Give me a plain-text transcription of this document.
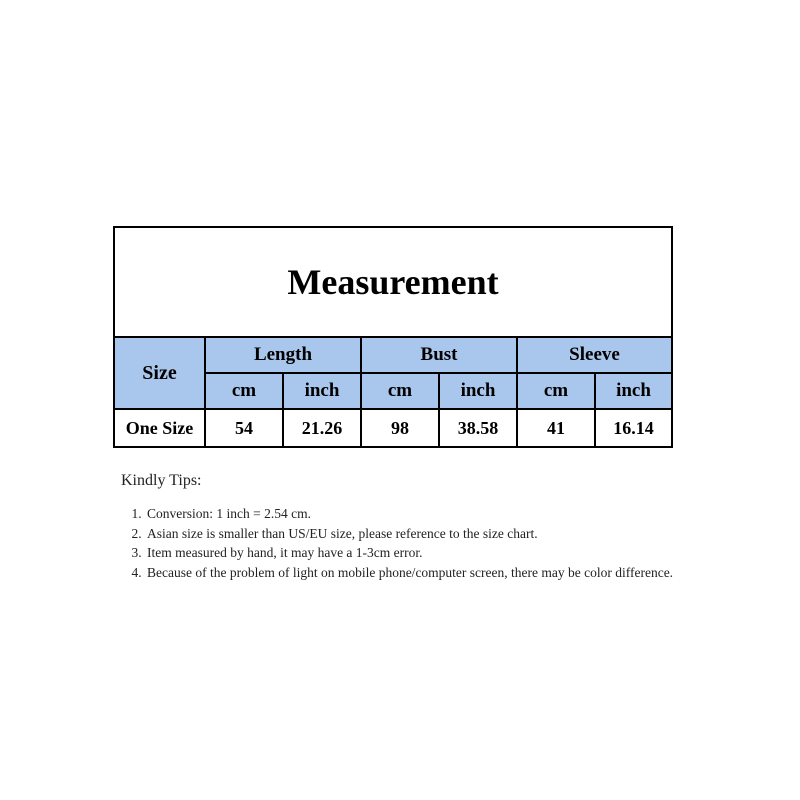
Measurement						
Size	Length		Bust		Sleeve	
	cm	inch	cm	inch	cm	inch
One Size	54	21.26	98	38.58	41	16.14
Kindly Tips:
1. Conversion: 1 inch = 2.54 cm.
2. Asian size is smaller than US/EU size, please reference to the size chart.
3. Item measured by hand, it may have a 1-3cm error.
4. Because of the problem of light on mobile phone/computer screen, there may be color difference.
